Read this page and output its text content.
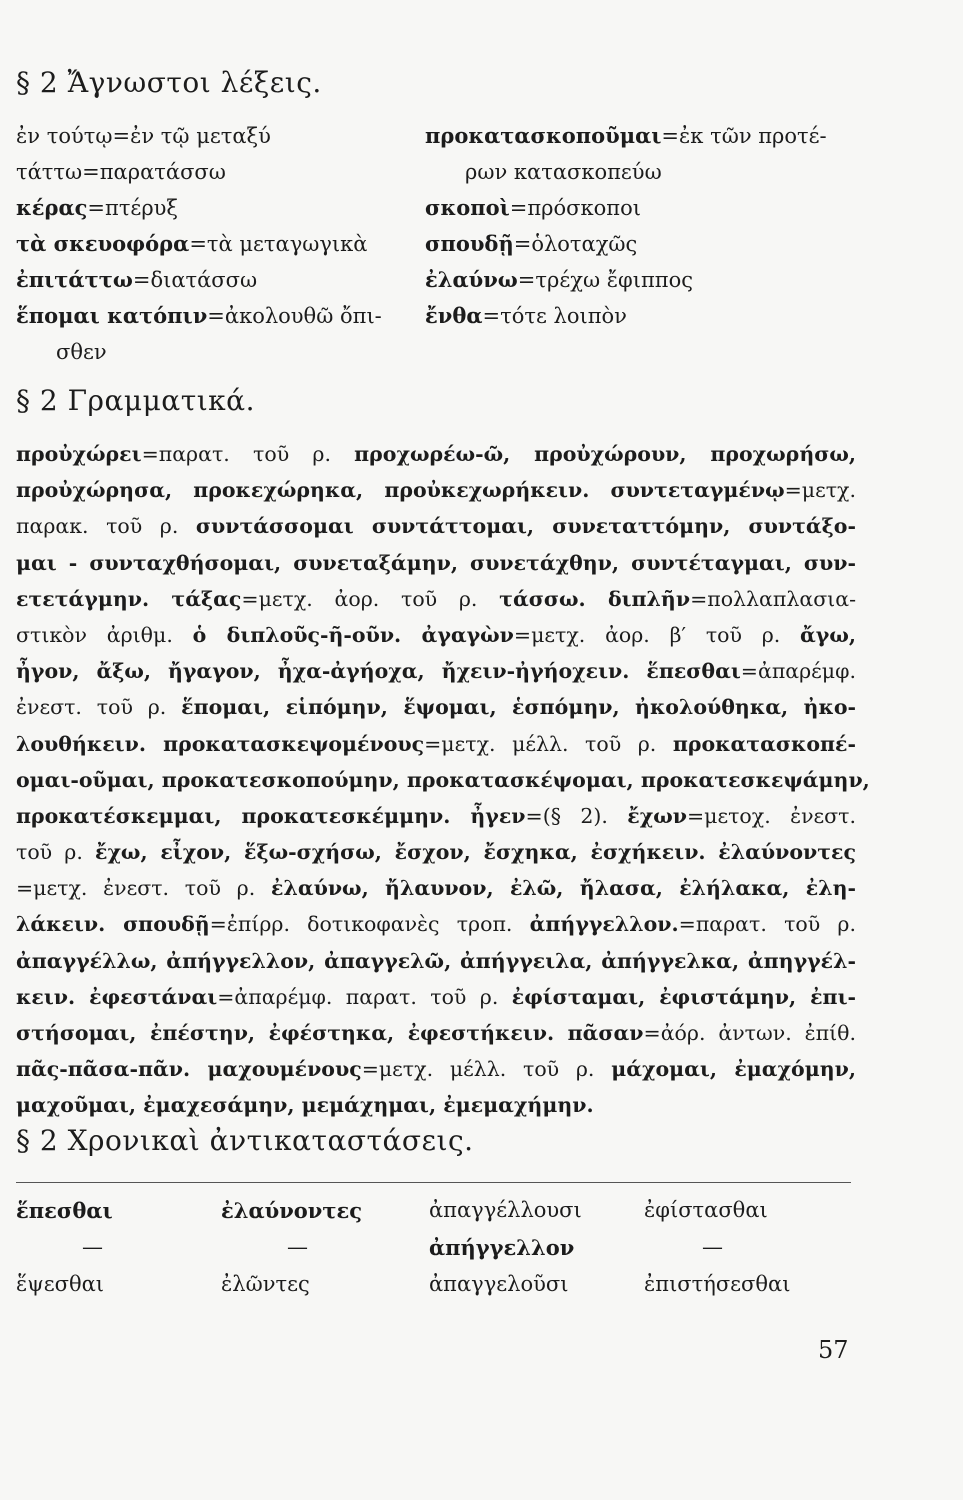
§ 2 Ἄγνωστοι λέξεις.
ἐν τούτῳ=ἐν τῷ μεταξύ
τάττω=παρατάσσω
κέρας=πτέρυξ
τὰ σκευοφόρα=τὰ μεταγωγικὰ
ἐπιτάττω=διατάσσω
ἕπομαι κατόπιν=ἀκολουθῶ ὄπι-
σθεν
προκατασκοποῦμαι=ἐκ τῶν προτέ-
ρων κατασκοπεύω
σκοποὶ=πρόσκοποι
σπουδῇ=ὁλοταχῶς
ἐλαύνω=τρέχω ἔφιππος
ἔνθα=τότε λοιπὸν
§ 2 Γραμματικά.
προὐχώρει=παρατ. τοῦ ρ. προχωρέω-ῶ, προὐχώρουν, προχωρήσω,
προὐχώρησα, προκεχώρηκα, προὐκεχωρήκειν. συντεταγμένῳ=μετχ.
παρακ. τοῦ ρ. συντάσσομαι συντάττομαι, συνεταττόμην, συντάξο-
μαι - συνταχθήσομαι, συνεταξάμην, συνετάχθην, συντέταγμαι, συν-
ετετάγμην. τάξας=μετχ. ἀορ. τοῦ ρ. τάσσω. διπλῆν=πολλαπλασια-
στικὸν ἀριθμ. ὁ διπλοῦς-ῆ-οῦν. ἀγαγὼν=μετχ. ἀορ. β′ τοῦ ρ. ἄγω,
ἦγον, ἄξω, ἤγαγον, ἦχα-ἀγήοχα, ἤχειν-ἠγήοχειν. ἕπεσθαι=ἀπαρέμφ.
ἐνεστ. τοῦ ρ. ἕπομαι, εἱπόμην, ἕψομαι, ἑσπόμην, ἠκολούθηκα, ἠκο-
λουθήκειν. προκατασκεψομένους=μετχ. μέλλ. τοῦ ρ. προκατασκοπέ-
ομαι-οῦμαι, προκατεσκοπούμην, προκατασκέψομαι, προκατεσκεψάμην,
προκατέσκεμμαι, προκατεσκέμμην. ἦγεν=(§ 2). ἔχων=μετοχ. ἐνεστ.
τοῦ ρ. ἔχω, εἶχον, ἕξω-σχήσω, ἔσχον, ἔσχηκα, ἐσχήκειν. ἐλαύνοντες
=μετχ. ἐνεστ. τοῦ ρ. ἐλαύνω, ἤλαυνον, ἐλῶ, ἤλασα, ἐλήλακα, ἐλη-
λάκειν. σπουδῇ=ἐπίρρ. δοτικοφανὲς τροπ. ἀπήγγελλον.=παρατ. τοῦ ρ.
ἀπαγγέλλω, ἀπήγγελλον, ἀπαγγελῶ, ἀπήγγειλα, ἀπήγγελκα, ἀπηγγέλ-
κειν. ἐφεστάναι=ἀπαρέμφ. παρατ. τοῦ ρ. ἐφίσταμαι, ἐφιστάμην, ἐπι-
στήσομαι, ἐπέστην, ἐφέστηκα, ἐφεστήκειν. πᾶσαν=ἀόρ. ἀντων. ἐπίθ.
πᾶς-πᾶσα-πᾶν. μαχουμένους=μετχ. μέλλ. τοῦ ρ. μάχομαι, ἐμαχόμην,
μαχοῦμαι, ἐμαχεσάμην, μεμάχημαι, ἐμεμαχήμην.
§ 2 Χρονικαὶ ἀντικαταστάσεις.
ἕπεσθαι	ἐλαύνοντες	ἀπαγγέλλουσι	ἐφίστασθαι
—	—	ἀπήγγελλον	—
ἕψεσθαι	ἐλῶντες	ἀπαγγελοῦσι	ἐπιστήσεσθαι
57
